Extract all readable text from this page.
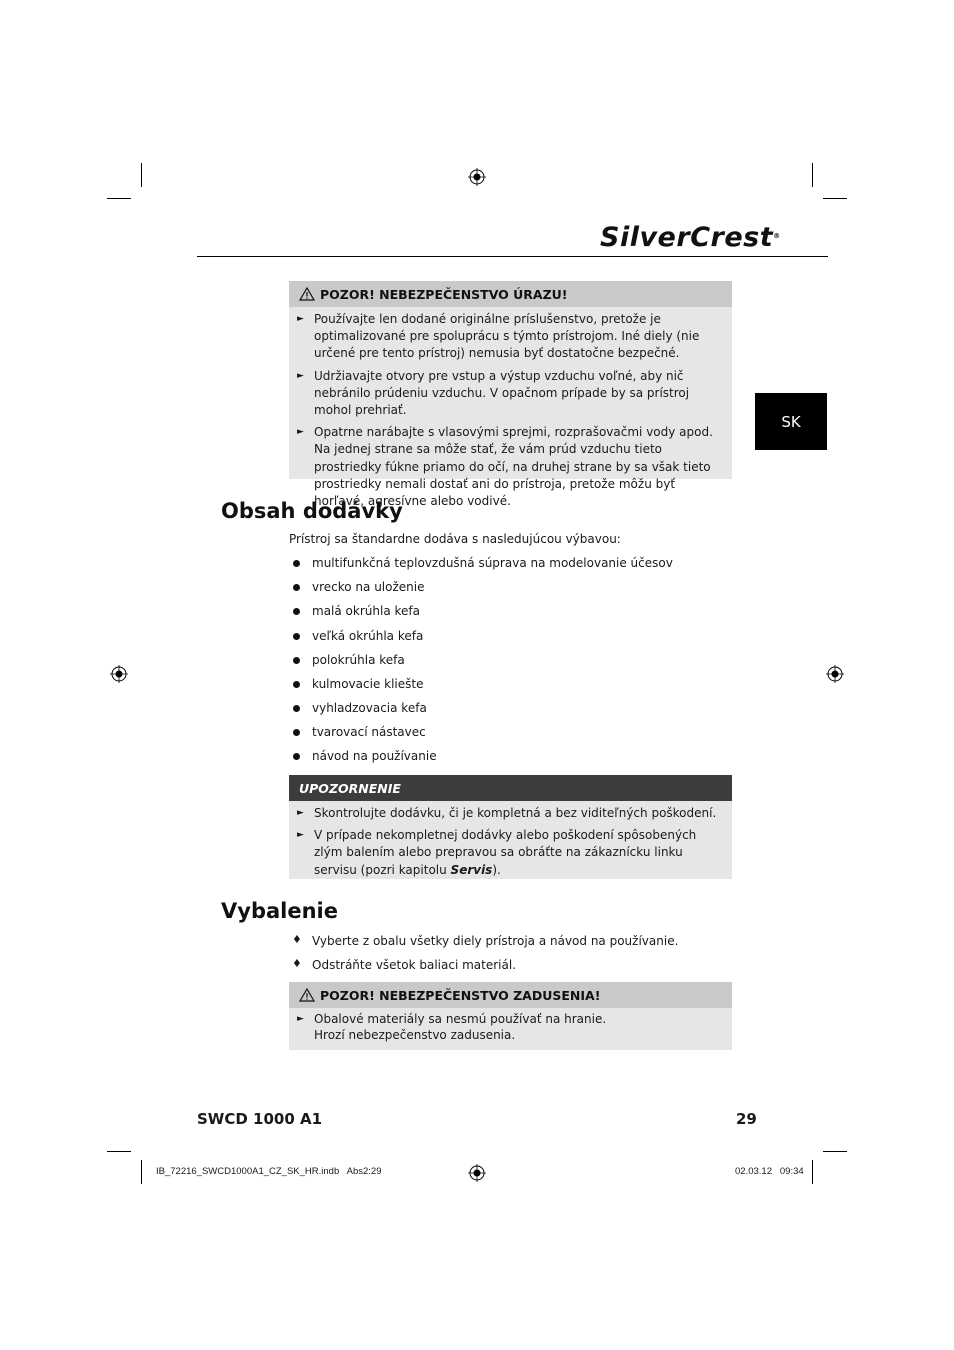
SilverCrest®
SK
POZOR! NEBEZPEČENSTVO ÚRAZU!
► Používajte len dodané originálne príslušenstvo, pretože je optimalizované pre spoluprácu s týmto prístrojom. Iné diely (nie určené pre tento prístroj) nemusia byť dostatočne bezpečné.
► Udržiavajte otvory pre vstup a výstup vzduchu voľné, aby nič nebránilo prúdeniu vzduchu. V opačnom prípade by sa prístroj mohol prehriať.
► Opatrne narábajte s vlasovými sprejmi, rozprašovačmi vody apod. Na jednej strane sa môže stať, že vám prúd vzduchu tieto prostriedky fúkne priamo do očí, na druhej strane by sa však tieto prostriedky nemali dostať ani do prístroja, pretože môžu byť horľavé, agresívne alebo vodivé.
Obsah dodávky
Prístroj sa štandardne dodáva s nasledujúcou výbavou:
multifunkčná teplovzdušná súprava na modelovanie účesov
vrecko na uloženie
malá okrúhla kefa
veľká okrúhla kefa
polokrúhla kefa
kulmovacie kliešte
vyhladzovacia kefa
tvarovací nástavec
návod na používanie
UPOZORNENIE
► Skontrolujte dodávku, či je kompletná a bez viditeľných poškodení.
► V prípade nekompletnej dodávky alebo poškodení spôsobených zlým balením alebo prepravou sa obráťte na zákaznícku linku servisu (pozri kapitolu Servis).
Vybalenie
♦ Vyberte z obalu všetky diely prístroja a návod na používanie.
♦ Odstráňte všetok baliaci materiál.
POZOR! NEBEZPEČENSTVO ZADUSENIA!
► Obalové materiály sa nesmú používať na hranie.
Hrozí nebezpečenstvo zadusenia.
SWCD 1000 A1	29
IB_72216_SWCD1000A1_CZ_SK_HR.indb   Abs2:29	02.03.12   09:34
